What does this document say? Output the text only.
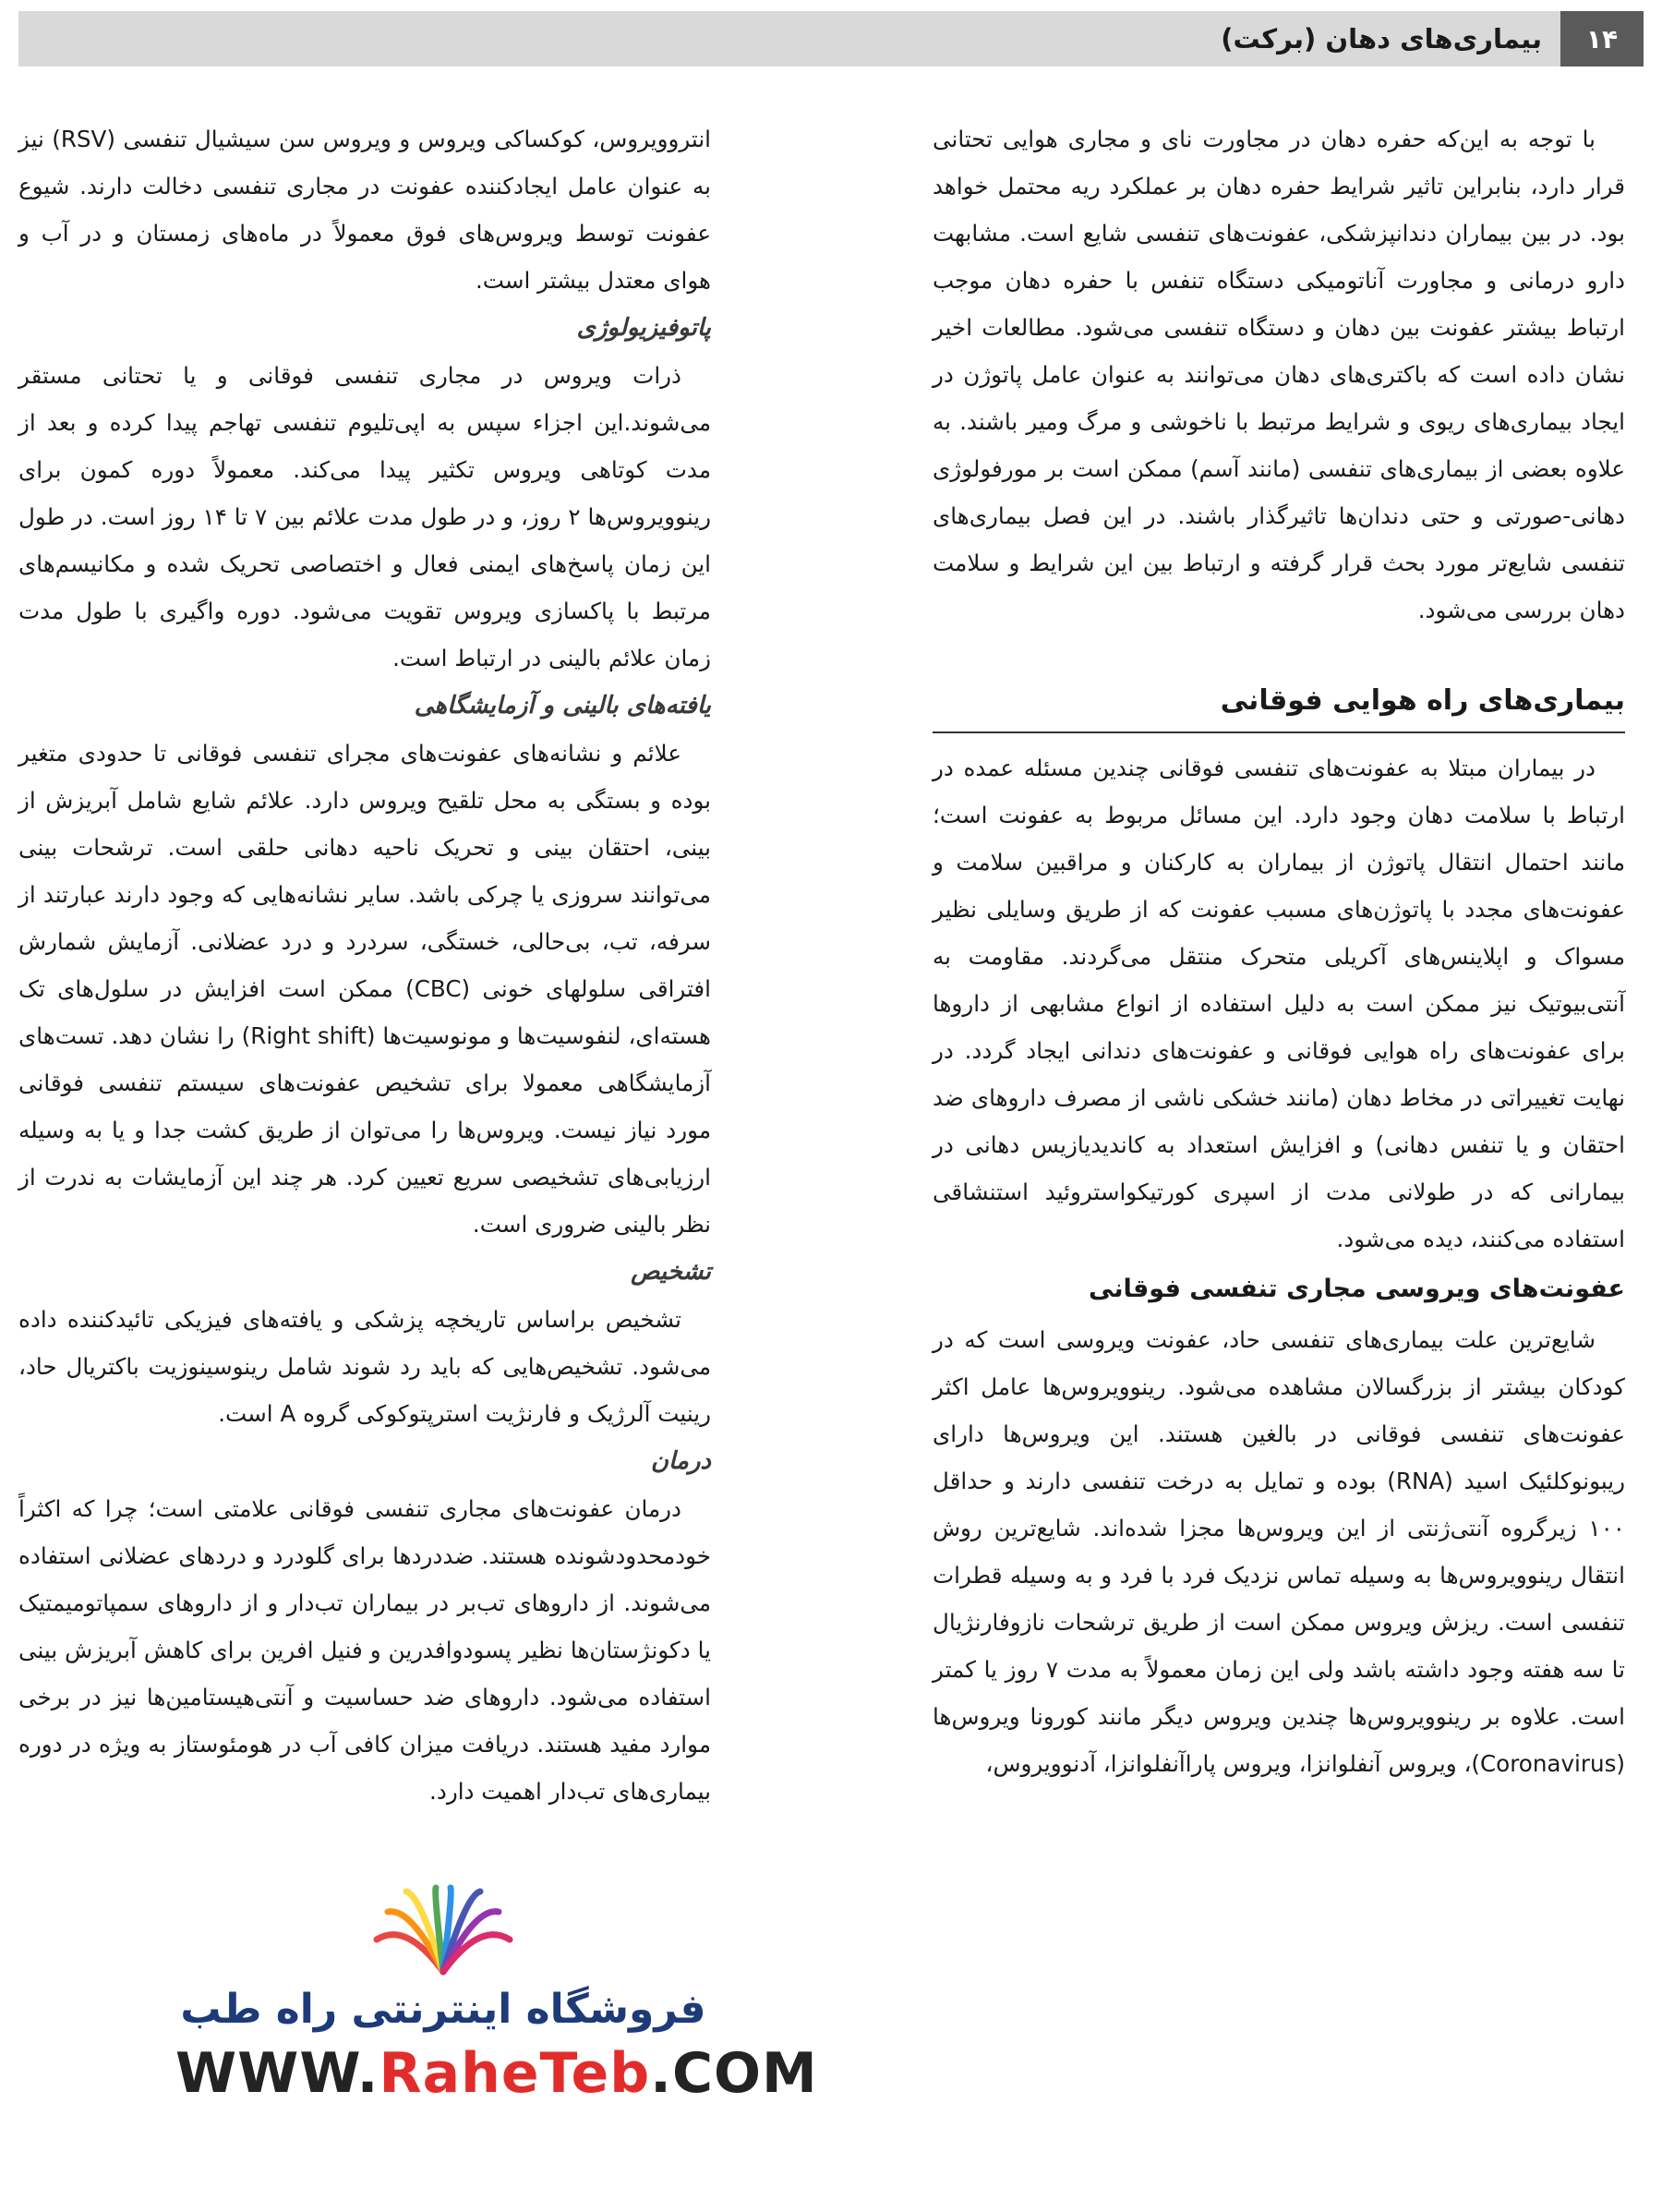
۱۴
بیماری‌های دهان (برکت)

با توجه به این‌که حفره دهان در مجاورت نای و مجاری هوایی تحتانی قرار دارد، بنابراین تاثیر شرایط حفره دهان بر عملکرد ریه محتمل خواهد بود. در بین بیماران دندانپزشکی، عفونت‌های تنفسی شایع است. مشابهت دارو درمانی و مجاورت آناتومیکی دستگاه تنفس با حفره دهان موجب ارتباط بیشتر عفونت بین دهان و دستگاه تنفسی می‌شود. مطالعات اخیر نشان داده است که باکتری‌های دهان می‌توانند به عنوان عامل پاتوژن در ایجاد بیماری‌های ریوی و شرایط مرتبط با ناخوشی و مرگ ومیر باشند. به علاوه بعضی از بیماری‌های تنفسی (مانند آسم) ممکن است بر مورفولوژی دهانی-صورتی و حتی دندان‌ها تاثیرگذار باشند. در این فصل بیماری‌های تنفسی شایع‌تر مورد بحث قرار گرفته و ارتباط بین این شرایط و سلامت دهان بررسی می‌شود.

بیماری‌های راه هوایی فوقانی

در بیماران مبتلا به عفونت‌های تنفسی فوقانی چندین مسئله عمده در ارتباط با سلامت دهان وجود دارد. این مسائل مربوط به عفونت است؛ مانند احتمال انتقال پاتوژن از بیماران به کارکنان و مراقبین سلامت و عفونت‌های مجدد با پاتوژن‌های مسبب عفونت که از طریق وسایلی نظیر مسواک و اپلاینس‌های آکریلی متحرک منتقل می‌گردند. مقاومت به آنتی‌بیوتیک نیز ممکن است به دلیل استفاده از انواع مشابهی از داروها برای عفونت‌های راه هوایی فوقانی و عفونت‌های دندانی ایجاد گردد. در نهایت تغییراتی در مخاط دهان (مانند خشکی ناشی از مصرف داروهای ضد احتقان و یا تنفس دهانی) و افزایش استعداد به کاندیدیازیس دهانی در بیمارانی که در طولانی مدت از اسپری کورتیکواستروئید استنشاقی استفاده می‌کنند، دیده می‌شود.

عفونت‌های ویروسی مجاری تنفسی فوقانی

شایع‌ترین علت بیماری‌های تنفسی حاد، عفونت ویروسی است که در کودکان بیشتر از بزرگسالان مشاهده می‌شود. رینوویروس‌ها عامل اکثر عفونت‌های تنفسی فوقانی در بالغین هستند. این ویروس‌ها دارای ریبونوکلئیک اسید (RNA) بوده و تمایل به درخت تنفسی دارند و حداقل ۱۰۰ زیرگروه آنتی‌ژنتی از این ویروس‌ها مجزا شده‌اند. شایع‌ترین روش انتقال رینوویروس‌ها به وسیله تماس نزدیک فرد با فرد و به وسیله قطرات تنفسی است. ریزش ویروس ممکن است از طریق ترشحات نازوفارنژیال تا سه هفته وجود داشته باشد ولی این زمان معمولاً به مدت ۷ روز یا کمتر است. علاوه بر رینوویروس‌ها چندین ویروس دیگر مانند کورونا ویروس‌ها (Coronavirus)، ویروس آنفلوانزا، ویروس پاراآنفلوانزا، آدنوویروس،

انتروویروس، کوکساکی ویروس و ویروس سن سیشیال تنفسی (RSV) نیز به عنوان عامل ایجادکننده عفونت در مجاری تنفسی دخالت دارند. شیوع عفونت توسط ویروس‌های فوق معمولاً در ماه‌های زمستان و در آب و هوای معتدل بیشتر است.

پاتوفیزیولوژی

ذرات ویروس در مجاری تنفسی فوقانی و یا تحتانی مستقر می‌شوند.این اجزاء سپس به اپی‌تلیوم تنفسی تهاجم پیدا کرده و بعد از مدت کوتاهی ویروس تکثیر پیدا می‌کند. معمولاً دوره کمون برای رینوویروس‌ها ۲ روز، و در طول مدت علائم بین ۷ تا ۱۴ روز است. در طول این زمان پاسخ‌های ایمنی فعال و اختصاصی تحریک شده و مکانیسم‌های مرتبط با پاکسازی ویروس تقویت می‌شود. دوره واگیری با طول مدت زمان علائم بالینی در ارتباط است.

یافته‌های بالینی و آزمایشگاهی

علائم و نشانه‌های عفونت‌های مجرای تنفسی فوقانی تا حدودی متغیر بوده و بستگی به محل تلقیح ویروس دارد. علائم شایع شامل آبریزش از بینی، احتقان بینی و تحریک ناحیه دهانی حلقی است. ترشحات بینی می‌توانند سروزی یا چرکی باشد. سایر نشانه‌هایی که وجود دارند عبارتند از سرفه، تب، بی‌حالی، خستگی، سردرد و درد عضلانی. آزمایش شمارش افتراقی سلولهای خونی (CBC) ممکن است افزایش در سلول‌های تک هسته‌ای، لنفوسیت‌ها و مونوسیت‌ها (Right shift) را نشان دهد. تست‌های آزمایشگاهی معمولا برای تشخیص عفونت‌های سیستم تنفسی فوقانی مورد نیاز نیست. ویروس‌ها را می‌توان از طریق کشت جدا و یا به وسیله ارزیابی‌های تشخیصی سریع تعیین کرد. هر چند این آزمایشات به ندرت از نظر بالینی ضروری است.

تشخیص

تشخیص براساس تاریخچه پزشکی و یافته‌های فیزیکی تائیدکننده داده می‌شود. تشخیص‌هایی که باید رد شوند شامل رینوسینوزیت باکتریال حاد، رینیت آلرژیک و فارنژیت استرپتوکوکی گروه A است.

درمان

درمان عفونت‌های مجاری تنفسی فوقانی علامتی است؛ چرا که اکثراً خودمحدودشونده هستند. ضددردها برای گلودرد و دردهای عضلانی استفاده می‌شوند. از داروهای تب‌بر در بیماران تب‌دار و از داروهای سمپاتومیمتیک یا دکونژستان‌ها نظیر پسودوافدرین و فنیل افرین برای کاهش آبریزش بینی استفاده می‌شود. داروهای ضد حساسیت و آنتی‌هیستامین‌ها نیز در برخی موارد مفید هستند. دریافت میزان کافی آب در هومئوستاز به ویژه در دوره بیماری‌های تب‌دار اهمیت دارد.

فروشگاه اینترنتی راه طب
WWW.RaheTeb.COM
